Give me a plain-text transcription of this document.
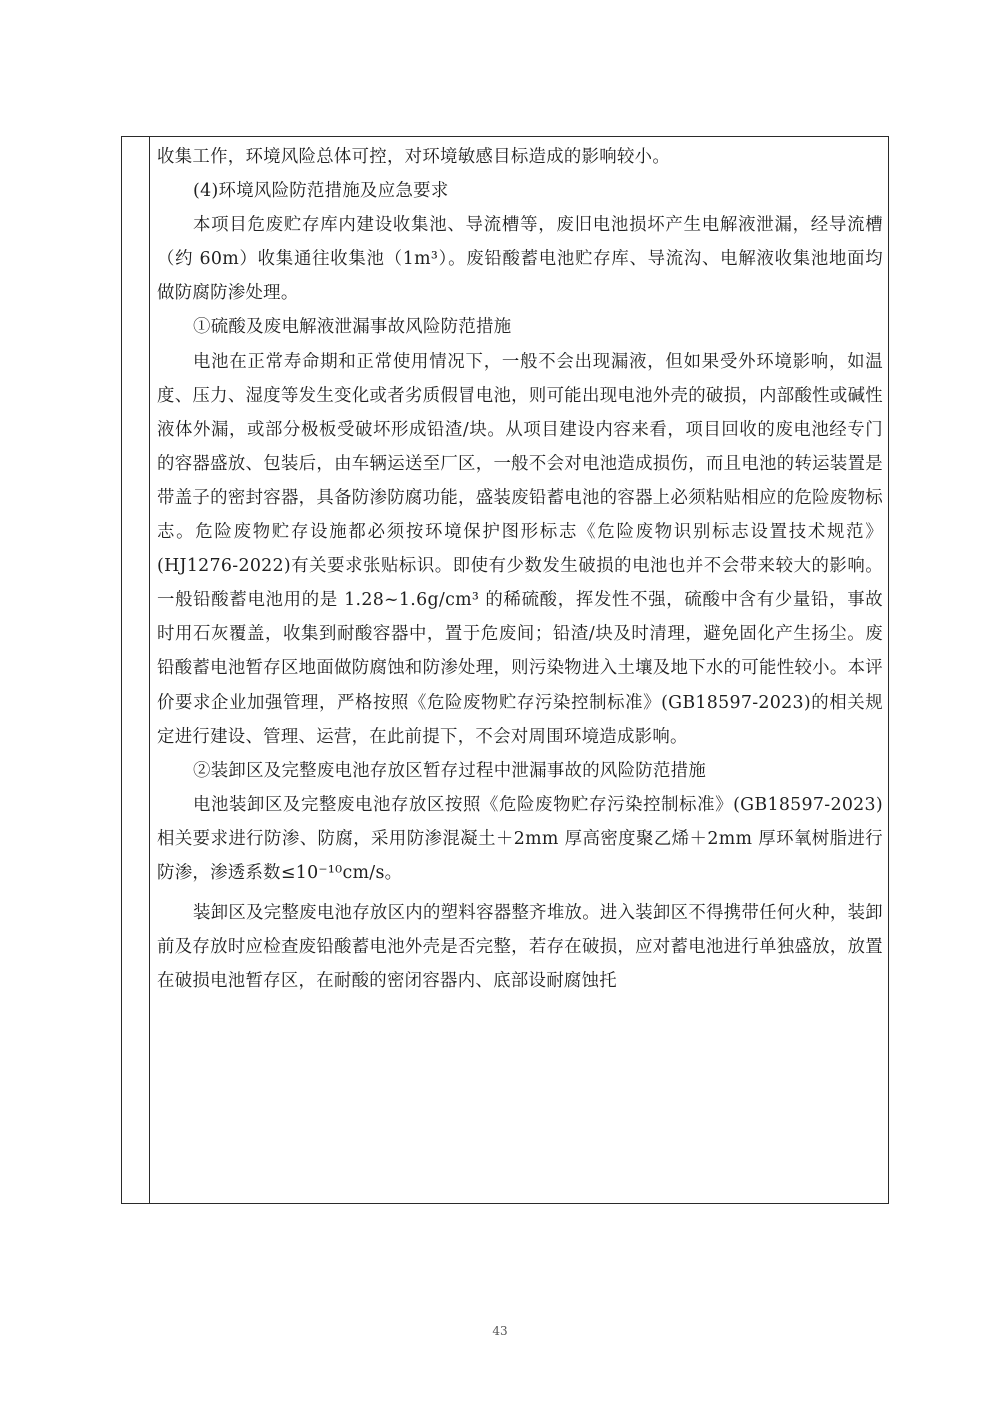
收集工作，环境风险总体可控，对环境敏感目标造成的影响较小。

(4)环境风险防范措施及应急要求

本项目危废贮存库内建设收集池、导流槽等，废旧电池损坏产生电解液泄漏，经导流槽（约 60m）收集通往收集池（1m³）。废铅酸蓄电池贮存库、导流沟、电解液收集池地面均做防腐防渗处理。

①硫酸及废电解液泄漏事故风险防范措施

电池在正常寿命期和正常使用情况下，一般不会出现漏液，但如果受外环境影响，如温度、压力、湿度等发生变化或者劣质假冒电池，则可能出现电池外壳的破损，内部酸性或碱性液体外漏，或部分极板受破坏形成铅渣/块。从项目建设内容来看，项目回收的废电池经专门的容器盛放、包装后，由车辆运送至厂区，一般不会对电池造成损伤，而且电池的转运装置是带盖子的密封容器，具备防渗防腐功能，盛装废铅蓄电池的容器上必须粘贴相应的危险废物标志。危险废物贮存设施都必须按环境保护图形标志《危险废物识别标志设置技术规范》(HJ1276-2022)有关要求张贴标识。即使有少数发生破损的电池也并不会带来较大的影响。一般铅酸蓄电池用的是 1.28~1.6g/cm³ 的稀硫酸，挥发性不强，硫酸中含有少量铅，事故时用石灰覆盖，收集到耐酸容器中，置于危废间；铅渣/块及时清理，避免固化产生扬尘。废铅酸蓄电池暂存区地面做防腐蚀和防渗处理，则污染物进入土壤及地下水的可能性较小。本评价要求企业加强管理，严格按照《危险废物贮存污染控制标准》(GB18597-2023)的相关规定进行建设、管理、运营，在此前提下，不会对周围环境造成影响。

②装卸区及完整废电池存放区暂存过程中泄漏事故的风险防范措施

电池装卸区及完整废电池存放区按照《危险废物贮存污染控制标准》(GB18597-2023)相关要求进行防渗、防腐，采用防渗混凝土＋2mm 厚高密度聚乙烯＋2mm 厚环氧树脂进行防渗，渗透系数≤10⁻¹⁰cm/s。

装卸区及完整废电池存放区内的塑料容器整齐堆放。进入装卸区不得携带任何火种，装卸前及存放时应检查废铅酸蓄电池外壳是否完整，若存在破损，应对蓄电池进行单独盛放，放置在破损电池暂存区，在耐酸的密闭容器内、底部设耐腐蚀托

43
